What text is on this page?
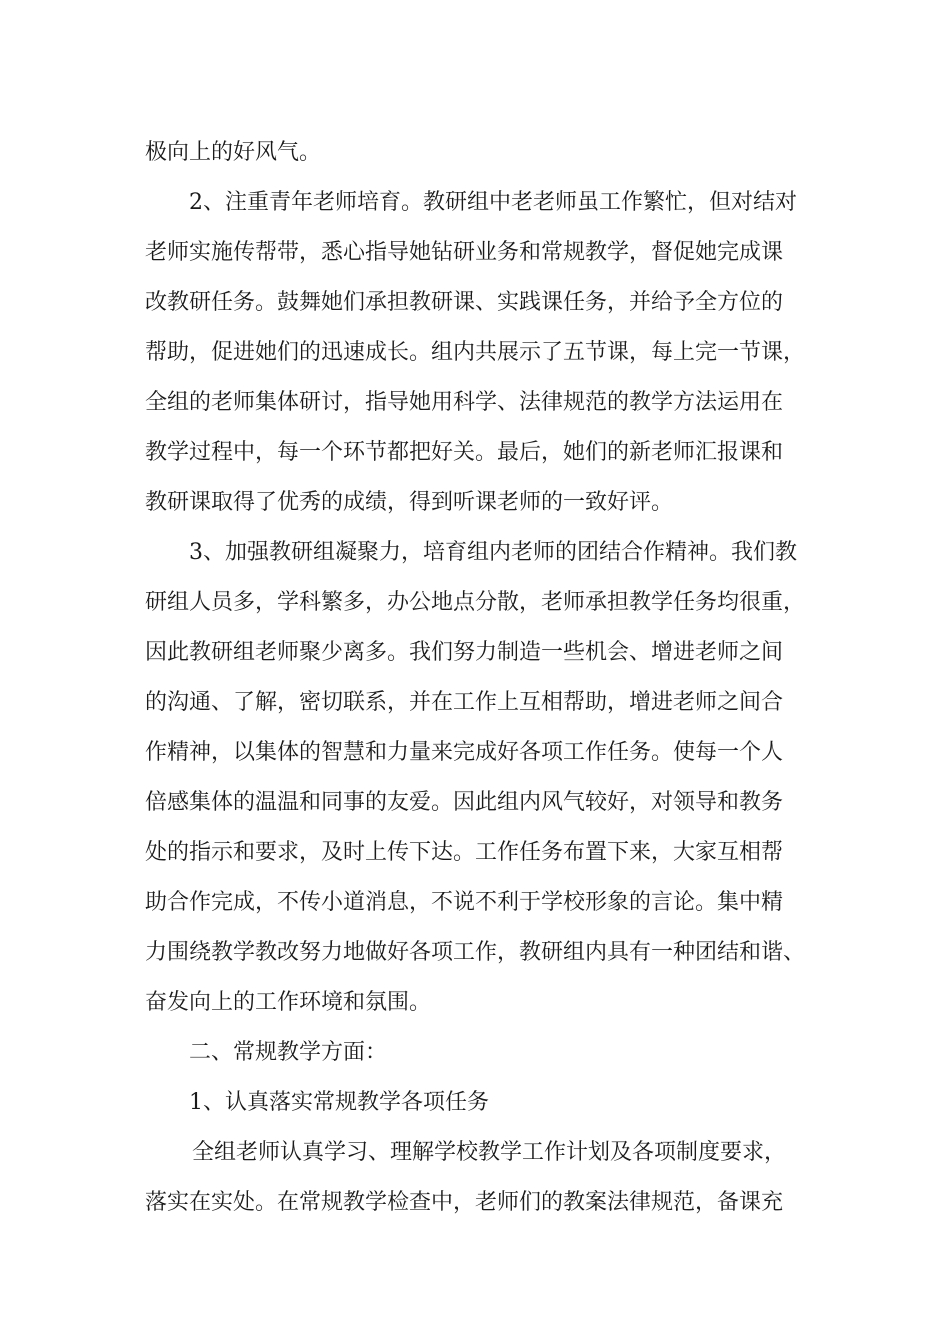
极向上的好风气。
2、注重青年老师培育。教研组中老老师虽工作繁忙，但对结对
老师实施传帮带，悉心指导她钻研业务和常规教学，督促她完成课
改教研任务。鼓舞她们承担教研课、实践课任务，并给予全方位的
帮助，促进她们的迅速成长。组内共展示了五节课，每上完一节课，
全组的老师集体研讨，指导她用科学、法律规范的教学方法运用在
教学过程中，每一个环节都把好关。最后，她们的新老师汇报课和
教研课取得了优秀的成绩，得到听课老师的一致好评。
3、加强教研组凝聚力，培育组内老师的团结合作精神。我们教
研组人员多，学科繁多，办公地点分散，老师承担教学任务均很重，
因此教研组老师聚少离多。我们努力制造一些机会、增进老师之间
的沟通、了解，密切联系，并在工作上互相帮助，增进老师之间合
作精神，以集体的智慧和力量来完成好各项工作任务。使每一个人
倍感集体的温温和同事的友爱。因此组内风气较好，对领导和教务
处的指示和要求，及时上传下达。工作任务布置下来，大家互相帮
助合作完成，不传小道消息，不说不利于学校形象的言论。集中精
力围绕教学教改努力地做好各项工作，教研组内具有一种团结和谐、
奋发向上的工作环境和氛围。
二、常规教学方面：
1、认真落实常规教学各项任务
全组老师认真学习、理解学校教学工作计划及各项制度要求，
落实在实处。在常规教学检查中，老师们的教案法律规范，备课充
